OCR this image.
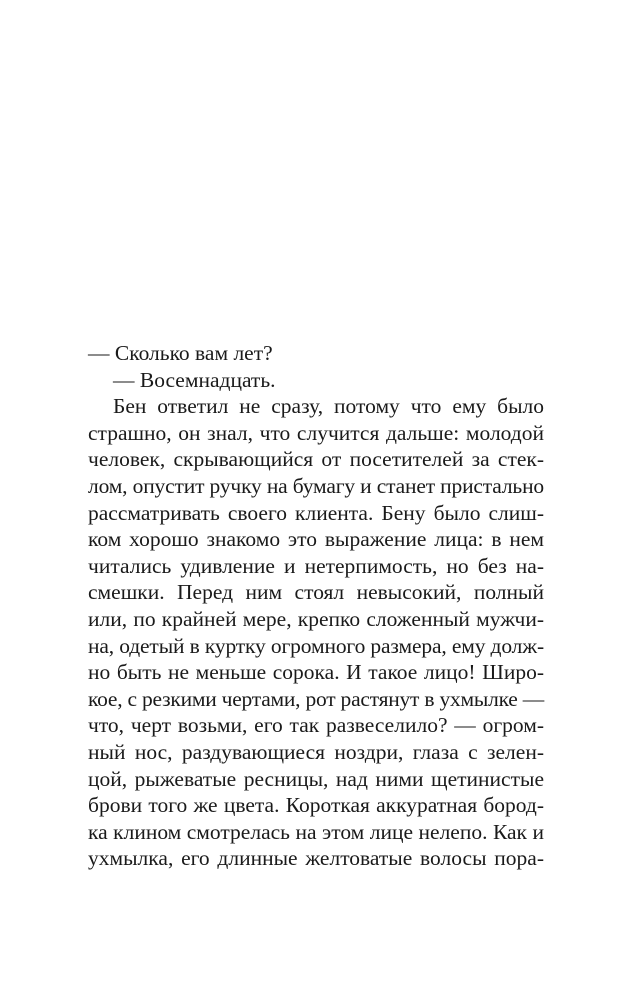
— Сколько вам лет?
— Восемнадцать.
Бен ответил не сразу, потому что ему было
страшно, он знал, что случится дальше: молодой
человек, скрывающийся от посетителей за стек-
лом, опустит ручку на бумагу и станет пристально
рассматривать своего клиента. Бену было слиш-
ком хорошо знакомо это выражение лица: в нем
читались удивление и нетерпимость, но без на-
смешки. Перед ним стоял невысокий, полный
или, по крайней мере, крепко сложенный мужчи-
на, одетый в куртку огромного размера, ему долж-
но быть не меньше сорока. И такое лицо! Широ-
кое, с резкими чертами, рот растянут в ухмылке —
что, черт возьми, его так развеселило? — огром-
ный нос, раздувающиеся ноздри, глаза с зелен-
цой, рыжеватые ресницы, над ними щетинистые
брови того же цвета. Короткая аккуратная бород-
ка клином смотрелась на этом лице нелепо. Как и
ухмылка, его длинные желтоватые волосы пора-
